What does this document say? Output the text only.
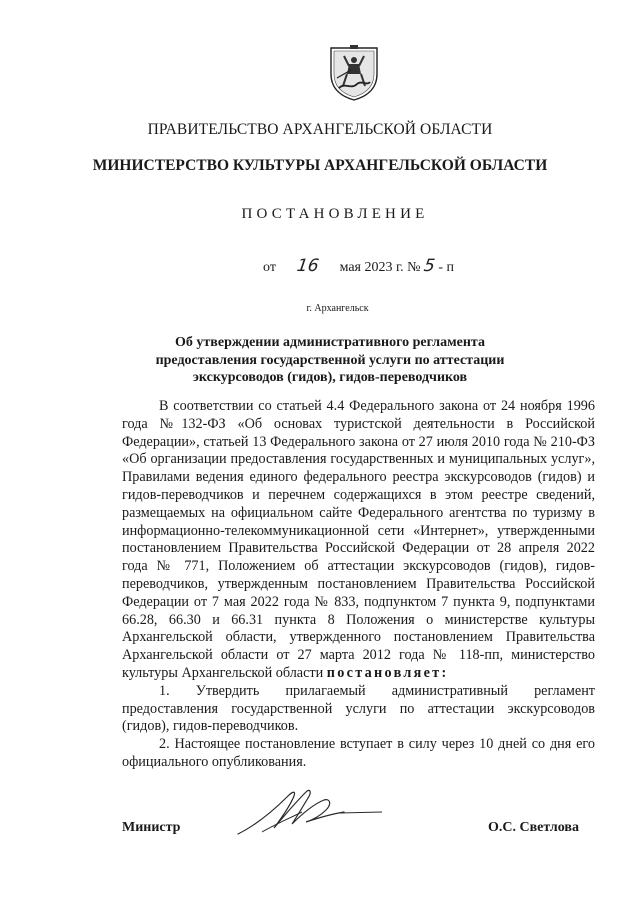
ПРАВИТЕЛЬСТВО АРХАНГЕЛЬСКОЙ ОБЛАСТИ
МИНИСТЕРСТВО КУЛЬТУРЫ АРХАНГЕЛЬСКОЙ ОБЛАСТИ
ПОСТАНОВЛЕНИЕ
от 16 мая 2023 г. № 5 - п
г. Архангельск
Об утверждении административного регламента
предоставления государственной услуги по аттестации
экскурсоводов (гидов), гидов-переводчиков

В соответствии со статьей 4.4 Федерального закона от 24 ноября 1996 года №132-ФЗ «Об основах туристской деятельности в Российской Федерации», статьей 13 Федерального закона от 27 июля 2010 года № 210-ФЗ «Об организации предоставления государственных и муниципальных услуг», Правилами ведения единого федерального реестра экскурсоводов (гидов) и гидов-переводчиков и перечнем содержащихся в этом реестре сведений, размещаемых на официальном сайте Федерального агентства по туризму в информационно-телекоммуникационной сети «Интернет», утвержденными постановлением Правительства Российской Федерации от 28 апреля 2022 года № 771, Положением об аттестации экскурсоводов (гидов), гидов-переводчиков, утвержденным постановлением Правительства Российской Федерации от 7 мая 2022 года № 833, подпунктом 7 пункта 9, подпунктами 66.28, 66.30 и 66.31 пункта 8 Положения о министерстве культуры Архангельской области, утвержденного постановлением Правительства Архангельской области от 27 марта 2012 года № 118-пп, министерство культуры Архангельской области постановляет:

1. Утвердить прилагаемый административный регламент предоставления государственной услуги по аттестации экскурсоводов (гидов), гидов-переводчиков.

2. Настоящее постановление вступает в силу через 10 дней со дня его официального опубликования.

Министр	О.С. Светлова
